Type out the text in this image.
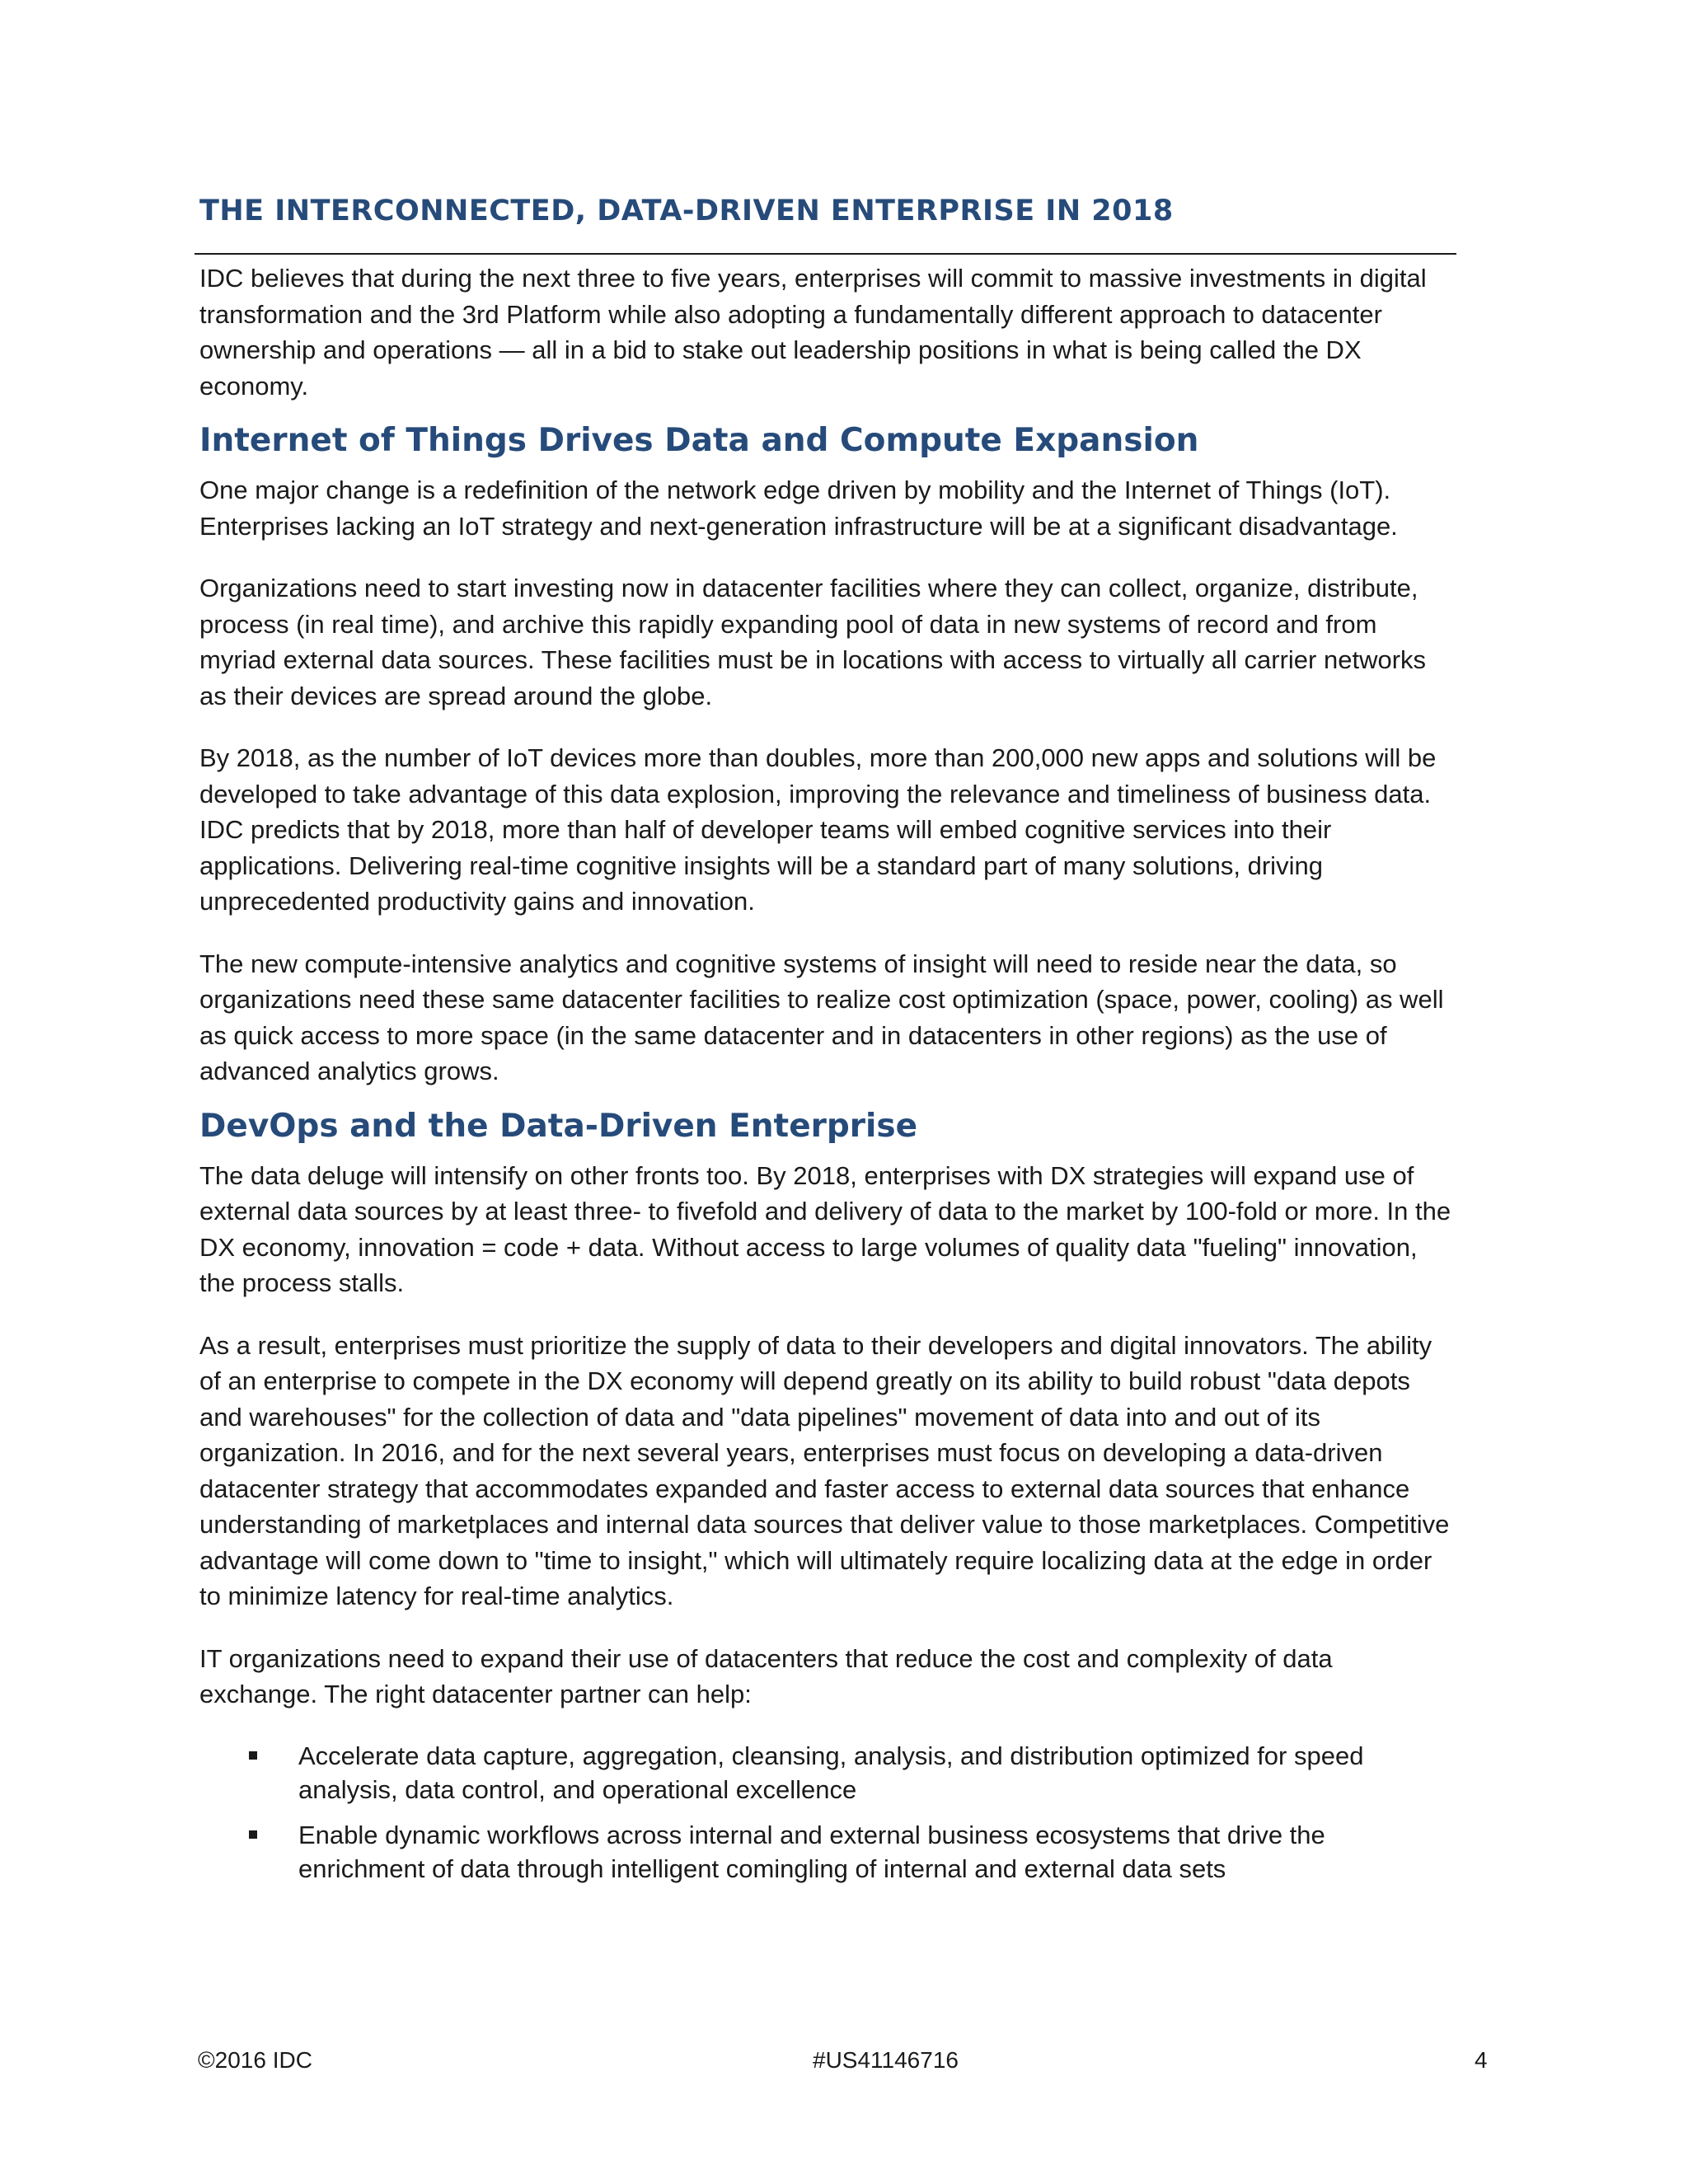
THE INTERCONNECTED, DATA-DRIVEN ENTERPRISE IN 2018

IDC believes that during the next three to five years, enterprises will commit to massive investments in digital transformation and the 3rd Platform while also adopting a fundamentally different approach to datacenter ownership and operations — all in a bid to stake out leadership positions in what is being called the DX economy.

Internet of Things Drives Data and Compute Expansion

One major change is a redefinition of the network edge driven by mobility and the Internet of Things (IoT). Enterprises lacking an IoT strategy and next-generation infrastructure will be at a significant disadvantage.

Organizations need to start investing now in datacenter facilities where they can collect, organize, distribute, process (in real time), and archive this rapidly expanding pool of data in new systems of record and from myriad external data sources. These facilities must be in locations with access to virtually all carrier networks as their devices are spread around the globe.

By 2018, as the number of IoT devices more than doubles, more than 200,000 new apps and solutions will be developed to take advantage of this data explosion, improving the relevance and timeliness of business data. IDC predicts that by 2018, more than half of developer teams will embed cognitive services into their applications. Delivering real-time cognitive insights will be a standard part of many solutions, driving unprecedented productivity gains and innovation.

The new compute-intensive analytics and cognitive systems of insight will need to reside near the data, so organizations need these same datacenter facilities to realize cost optimization (space, power, cooling) as well as quick access to more space (in the same datacenter and in datacenters in other regions) as the use of advanced analytics grows.

DevOps and the Data-Driven Enterprise

The data deluge will intensify on other fronts too. By 2018, enterprises with DX strategies will expand use of external data sources by at least three- to fivefold and delivery of data to the market by 100-fold or more. In the DX economy, innovation = code + data. Without access to large volumes of quality data "fueling" innovation, the process stalls.

As a result, enterprises must prioritize the supply of data to their developers and digital innovators. The ability of an enterprise to compete in the DX economy will depend greatly on its ability to build robust "data depots and warehouses" for the collection of data and "data pipelines" movement of data into and out of its organization. In 2016, and for the next several years, enterprises must focus on developing a data-driven datacenter strategy that accommodates expanded and faster access to external data sources that enhance understanding of marketplaces and internal data sources that deliver value to those marketplaces. Competitive advantage will come down to "time to insight," which will ultimately require localizing data at the edge in order to minimize latency for real-time analytics.

IT organizations need to expand their use of datacenters that reduce the cost and complexity of data exchange. The right datacenter partner can help:

Accelerate data capture, aggregation, cleansing, analysis, and distribution optimized for speed analysis, data control, and operational excellence
Enable dynamic workflows across internal and external business ecosystems that drive the enrichment of data through intelligent comingling of internal and external data sets
©2016 IDC	#US41146716	4
